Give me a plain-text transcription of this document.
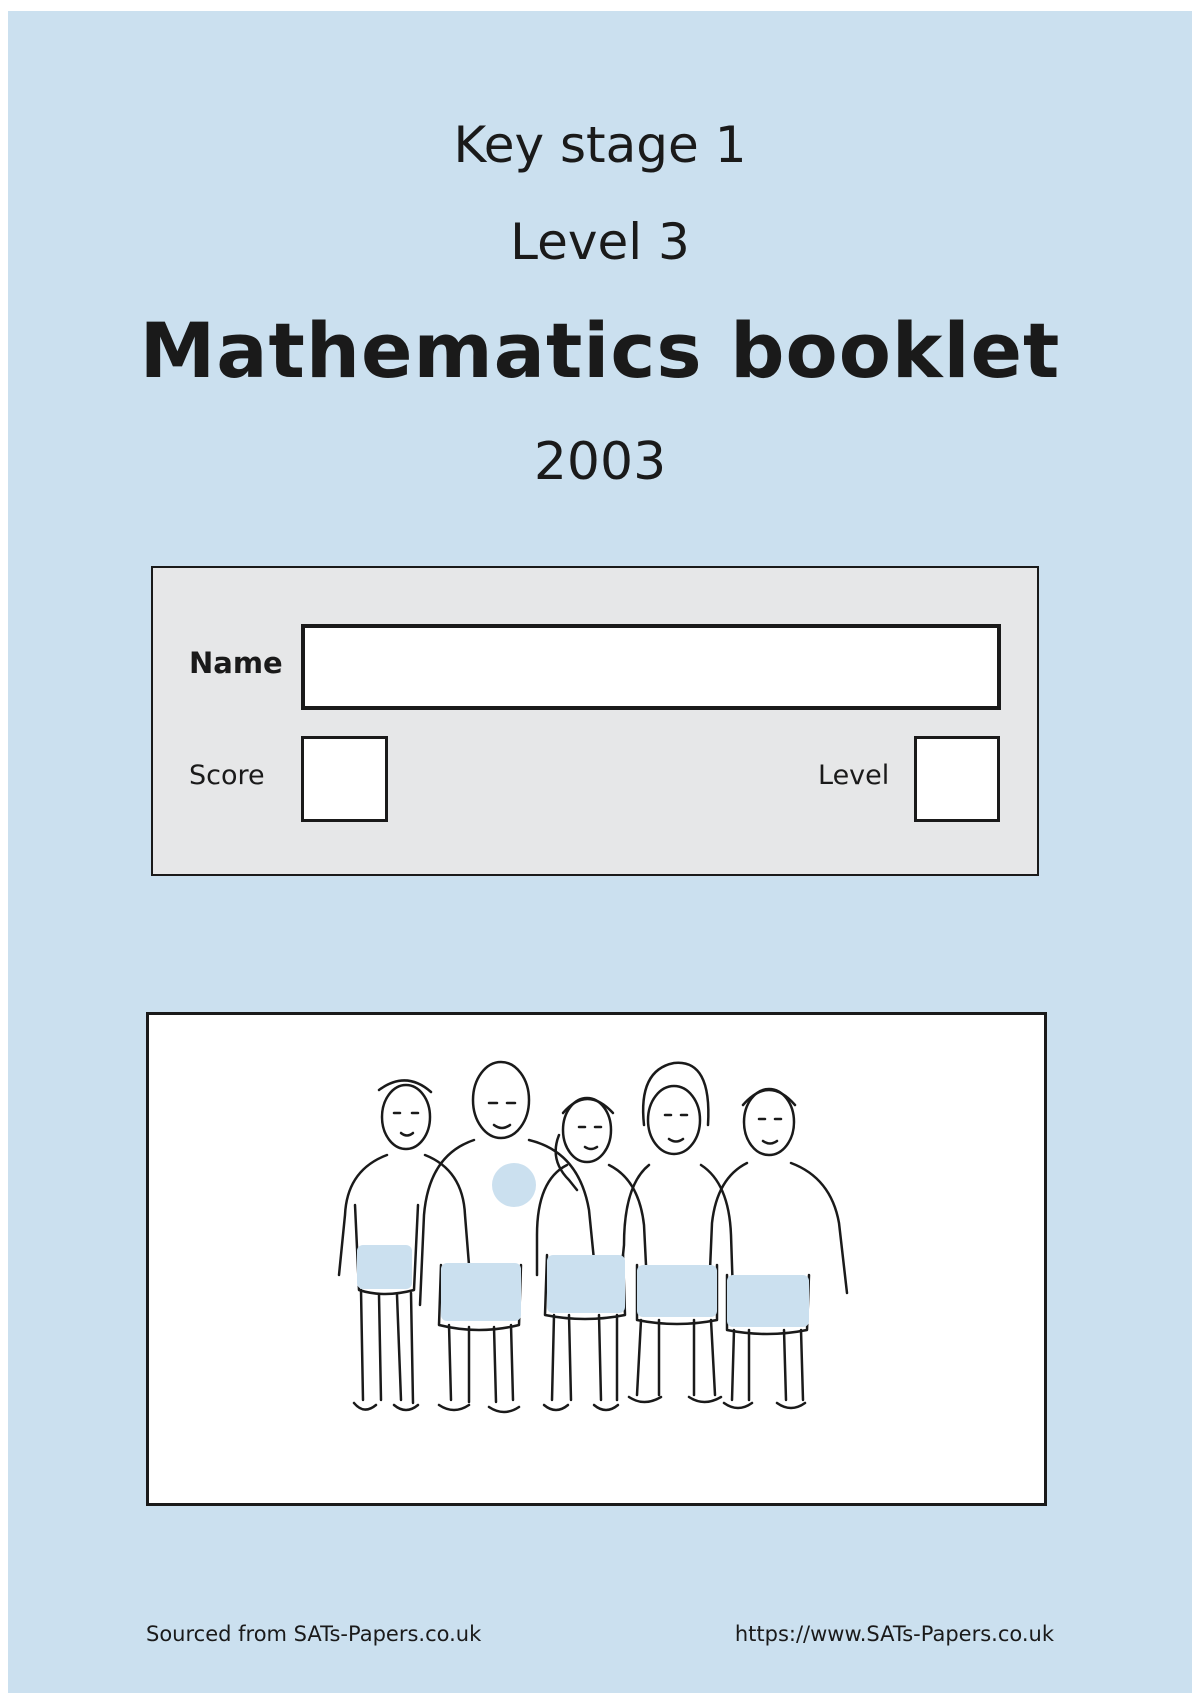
Key stage 1
Level 3
Mathematics booklet
2003
Name
Score	Level
Sourced from SATs-Papers.co.uk	https://www.SATs-Papers.co.uk
